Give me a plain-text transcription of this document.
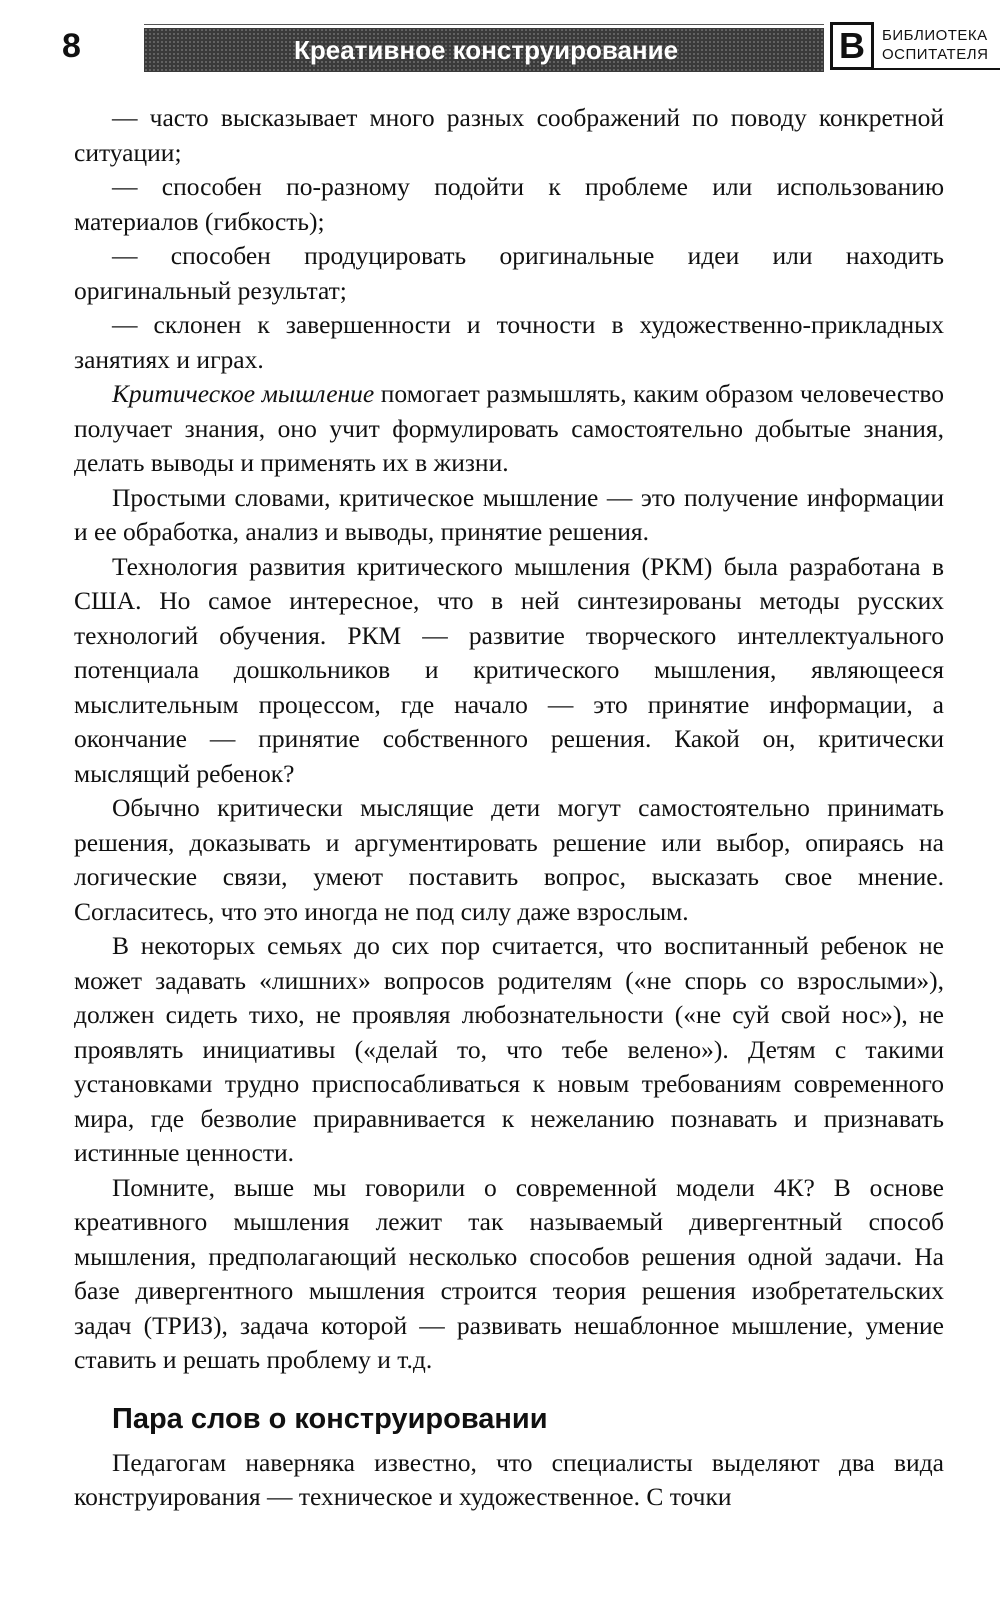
8	Креативное конструирование	В	БИБЛИОТЕКА
ОСПИТАТЕЛЯ

— часто высказывает много разных соображений по поводу конкретной ситуации;

— способен по-разному подойти к проблеме или использованию материалов (гибкость);

— способен продуцировать оригинальные идеи или находить оригинальный результат;

— склонен к завершенности и точности в художественно-прикладных занятиях и играх.

Критическое мышление помогает размышлять, каким образом человечество получает знания, оно учит формулировать самостоятельно добытые знания, делать выводы и применять их в жизни.

Простыми словами, критическое мышление — это получение информации и ее обработка, анализ и выводы, принятие решения.

Технология развития критического мышления (РКМ) была разработана в США. Но самое интересное, что в ней синтезированы методы русских технологий обучения. РКМ — развитие творческого интеллектуального потенциала дошкольников и критического мышления, являющееся мыслительным процессом, где начало — это принятие информации, а окончание — принятие собственного решения. Какой он, критически мыслящий ребенок?

Обычно критически мыслящие дети могут самостоятельно принимать решения, доказывать и аргументировать решение или выбор, опираясь на логические связи, умеют поставить вопрос, высказать свое мнение. Согласитесь, что это иногда не под силу даже взрослым.

В некоторых семьях до сих пор считается, что воспитанный ребенок не может задавать «лишних» вопросов родителям («не спорь со взрослыми»), должен сидеть тихо, не проявляя любознательности («не суй свой нос»), не проявлять инициативы («делай то, что тебе велено»). Детям с такими установками трудно приспосабливаться к новым требованиям современного мира, где безволие приравнивается к нежеланию познавать и признавать истинные ценности.

Помните, выше мы говорили о современной модели 4К? В основе креативного мышления лежит так называемый дивергентный способ мышления, предполагающий несколько способов решения одной задачи. На базе дивергентного мышления строится теория решения изобретательских задач (ТРИЗ), задача которой — развивать нешаблонное мышление, умение ставить и решать проблему и т.д.

Пара слов о конструировании

Педагогам наверняка известно, что специалисты выделяют два вида конструирования — техническое и художественное. С точки
